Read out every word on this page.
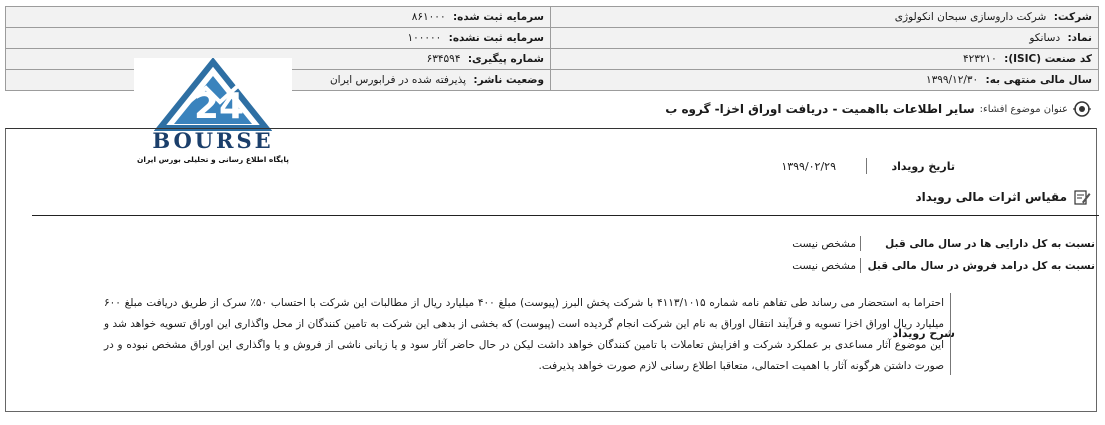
شرکت: شرکت داروسازی سبحان انکولوژی	سرمایه ثبت شده: ۸۶۱۰۰۰
نماد: دسانکو	سرمایه ثبت نشده: ۱۰۰۰۰۰
کد صنعت (ISIC): ۴۲۳۲۱۰	شماره پیگیری: ۶۳۴۵۹۴
سال مالی منتهی به: ۱۳۹۹/۱۲/۳۰	وضعیت ناشر: پذیرفته شده در فرابورس ایران
24
BOURSE
پایگاه اطلاع رسانی و تحلیلی بورس ایران
عنوان موضوع افشاء:
سایر اطلاعات بااهمیت - دریافت اوراق اخزا- گروه ب
تاریخ رویداد
۱۳۹۹/۰۲/۲۹
مقیاس اثرات مالی رویداد
نسبت به کل دارایی ها در سال مالی قبل
مشخص نیست
نسبت به کل درامد فروش در سال مالی قبل
مشخص نیست
شرح رویداد
احتراما به استحضار می رساند طی تفاهم نامه شماره ۴۱۱۳/۱۰۱۵ با شرکت پخش البرز (پیوست) مبلغ ۴۰۰ میلیارد ریال از مطالبات این شرکت با احتساب ۵۰٪ سرک از طریق دریافت مبلغ ۶۰۰ میلیارد ریال اوراق اخزا تسویه و فرآیند انتقال اوراق به نام این شرکت انجام گردیده است (پیوست) که بخشی از بدهی این شرکت به تامین کنندگان از محل واگذاری این اوراق تسویه خواهد شد و این موضوع آثار مساعدی بر عملکرد شرکت و افزایش تعاملات با تامین کنندگان خواهد داشت لیکن در حال حاضر آثار سود و یا زیانی ناشی از فروش و یا واگذاری این اوراق مشخص نبوده و در صورت داشتن هرگونه آثار با اهمیت احتمالی، متعاقبا اطلاع رسانی لازم صورت خواهد پذیرفت.
